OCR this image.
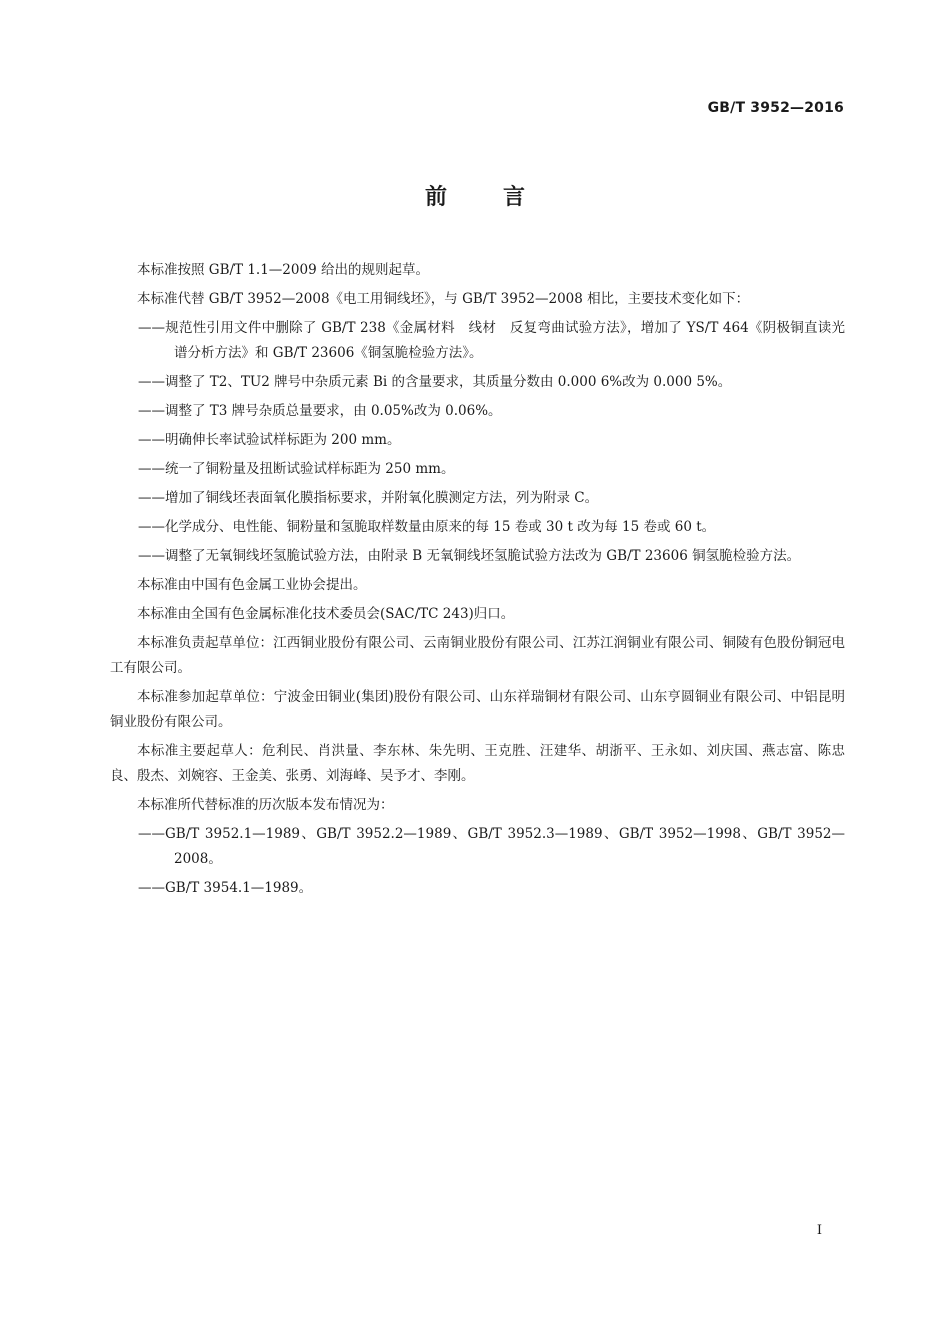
GB/T 3952—2016
前言

本标准按照 GB/T 1.1—2009 给出的规则起草。

本标准代替 GB/T 3952—2008《电工用铜线坯》，与 GB/T 3952—2008 相比，主要技术变化如下：

——规范性引用文件中删除了 GB/T 238《金属材料　线材　反复弯曲试验方法》，增加了 YS/T 464《阴极铜直读光谱分析方法》和 GB/T 23606《铜氢脆检验方法》。

——调整了 T2、TU2 牌号中杂质元素 Bi 的含量要求，其质量分数由 0.000 6%改为 0.000 5%。

——调整了 T3 牌号杂质总量要求，由 0.05%改为 0.06%。

——明确伸长率试验试样标距为 200 mm。

——统一了铜粉量及扭断试验试样标距为 250 mm。

——增加了铜线坯表面氧化膜指标要求，并附氧化膜测定方法，列为附录 C。

——化学成分、电性能、铜粉量和氢脆取样数量由原来的每 15 卷或 30 t 改为每 15 卷或 60 t。

——调整了无氧铜线坯氢脆试验方法，由附录 B 无氧铜线坯氢脆试验方法改为 GB/T 23606 铜氢脆检验方法。

本标准由中国有色金属工业协会提出。

本标准由全国有色金属标准化技术委员会(SAC/TC 243)归口。

本标准负责起草单位：江西铜业股份有限公司、云南铜业股份有限公司、江苏江润铜业有限公司、铜陵有色股份铜冠电工有限公司。

本标准参加起草单位：宁波金田铜业(集团)股份有限公司、山东祥瑞铜材有限公司、山东亨圆铜业有限公司、中铝昆明铜业股份有限公司。

本标准主要起草人：危利民、肖洪量、李东林、朱先明、王克胜、汪建华、胡浙平、王永如、刘庆国、燕志富、陈忠良、殷杰、刘婉容、王金美、张勇、刘海峰、吴予才、李刚。

本标准所代替标准的历次版本发布情况为：

——GB/T 3952.1—1989、GB/T 3952.2—1989、GB/T 3952.3—1989、GB/T 3952—1998、GB/T 3952—2008。

——GB/T 3954.1—1989。

I
